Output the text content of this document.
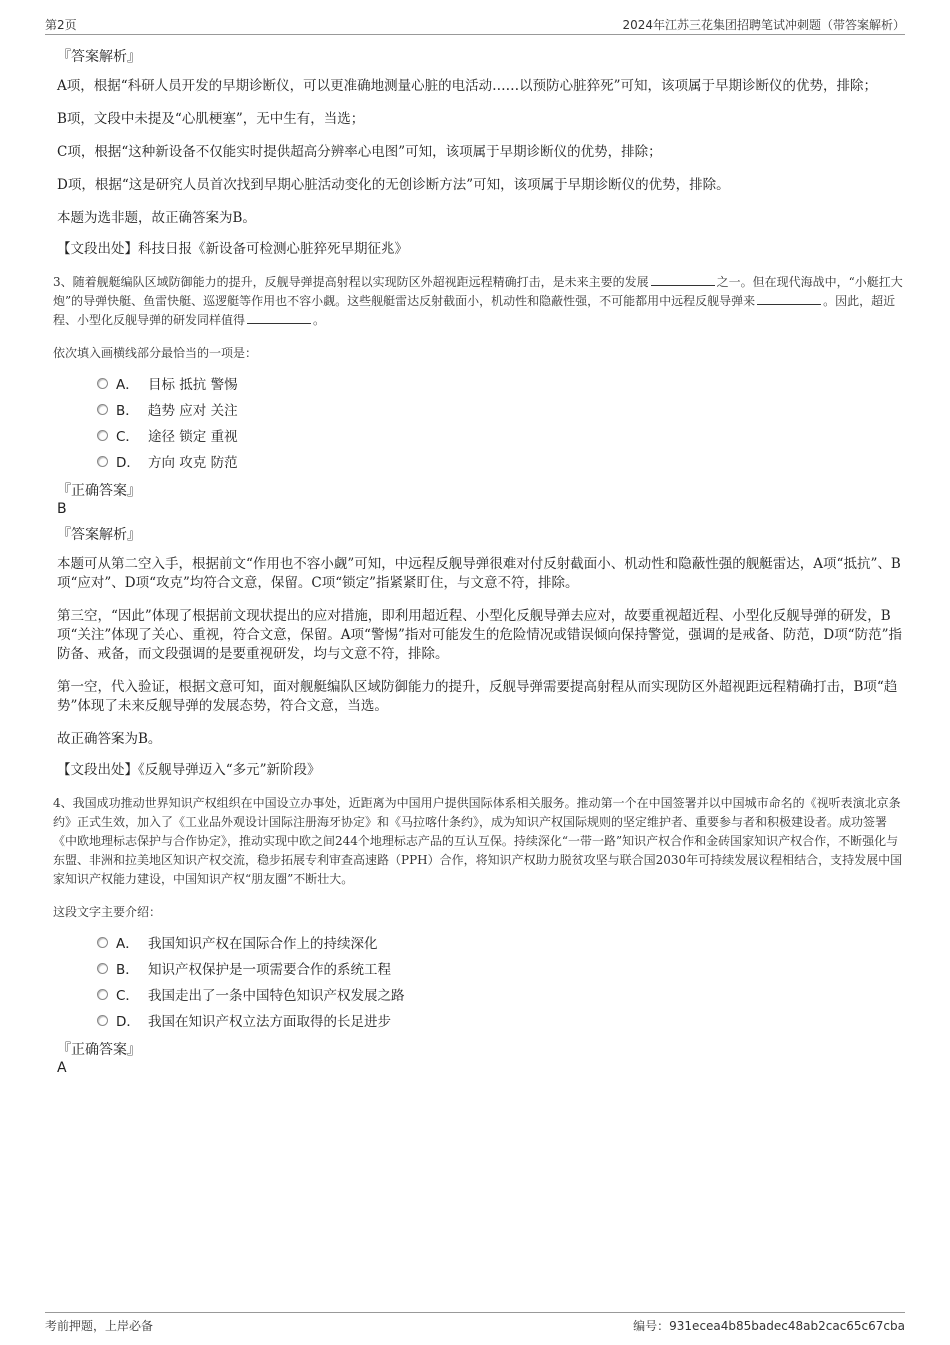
第2页	2024年江苏三花集团招聘笔试冲刺题（带答案解析）
『答案解析』

A项，根据“科研人员开发的早期诊断仪，可以更准确地测量心脏的电活动……以预防心脏猝死”可知，该项属于早期诊断仪的优势，排除；

B项，文段中未提及“心肌梗塞”，无中生有，当选；

C项，根据“这种新设备不仅能实时提供超高分辨率心电图”可知，该项属于早期诊断仪的优势，排除；

D项，根据“这是研究人员首次找到早期心脏活动变化的无创诊断方法”可知，该项属于早期诊断仪的优势，排除。

本题为选非题，故正确答案为B。

【文段出处】科技日报《新设备可检测心脏猝死早期征兆》

3、随着舰艇编队区域防御能力的提升，反舰导弹提高射程以实现防区外超视距远程精确打击，是未来主要的发展	之一。但在现代海战中，“小艇扛大炮”的导弹快艇、鱼雷快艇、巡逻艇等作用也不容小觑。这些舰艇雷达反射截面小，机动性和隐蔽性强，不可能都用中远程反舰导弹来	。因此，超近程、小型化反舰导弹的研发同样值得	。

依次填入画横线部分最恰当的一项是：

A． 目标 抵抗 警惕
B． 趋势 应对 关注
C． 途径 锁定 重视
D． 方向 攻克 防范
『正确答案』
B
『答案解析』

本题可从第二空入手，根据前文“作用也不容小觑”可知，中远程反舰导弹很难对付反射截面小、机动性和隐蔽性强的舰艇雷达，A项“抵抗”、B项“应对”、D项“攻克”均符合文意，保留。C项“锁定”指紧紧盯住，与文意不符，排除。

第三空，“因此”体现了根据前文现状提出的应对措施，即利用超近程、小型化反舰导弹去应对，故要重视超近程、小型化反舰导弹的研发，B项“关注”体现了关心、重视，符合文意，保留。A项“警惕”指对可能发生的危险情况或错误倾向保持警觉，强调的是戒备、防范，D项“防范”指防备、戒备，而文段强调的是要重视研发，均与文意不符，排除。

第一空，代入验证，根据文意可知，面对舰艇编队区域防御能力的提升，反舰导弹需要提高射程从而实现防区外超视距远程精确打击，B项“趋势”体现了未来反舰导弹的发展态势，符合文意，当选。

故正确答案为B。

【文段出处】《反舰导弹迈入“多元”新阶段》

4、我国成功推动世界知识产权组织在中国设立办事处，近距离为中国用户提供国际体系相关服务。推动第一个在中国签署并以中国城市命名的《视听表演北京条约》正式生效，加入了《工业品外观设计国际注册海牙协定》和《马拉喀什条约》，成为知识产权国际规则的坚定维护者、重要参与者和积极建设者。成功签署《中欧地理标志保护与合作协定》，推动实现中欧之间244个地理标志产品的互认互保。持续深化“一带一路”知识产权合作和金砖国家知识产权合作，不断强化与东盟、非洲和拉美地区知识产权交流，稳步拓展专利审查高速路（PPH）合作，将知识产权助力脱贫攻坚与联合国2030年可持续发展议程相结合，支持发展中国家知识产权能力建设，中国知识产权“朋友圈”不断壮大。

这段文字主要介绍：

A． 我国知识产权在国际合作上的持续深化
B． 知识产权保护是一项需要合作的系统工程
C． 我国走出了一条中国特色知识产权发展之路
D． 我国在知识产权立法方面取得的长足进步
『正确答案』
A
考前押题，上岸必备	编号：931ecea4b85badec48ab2cac65c67cba
